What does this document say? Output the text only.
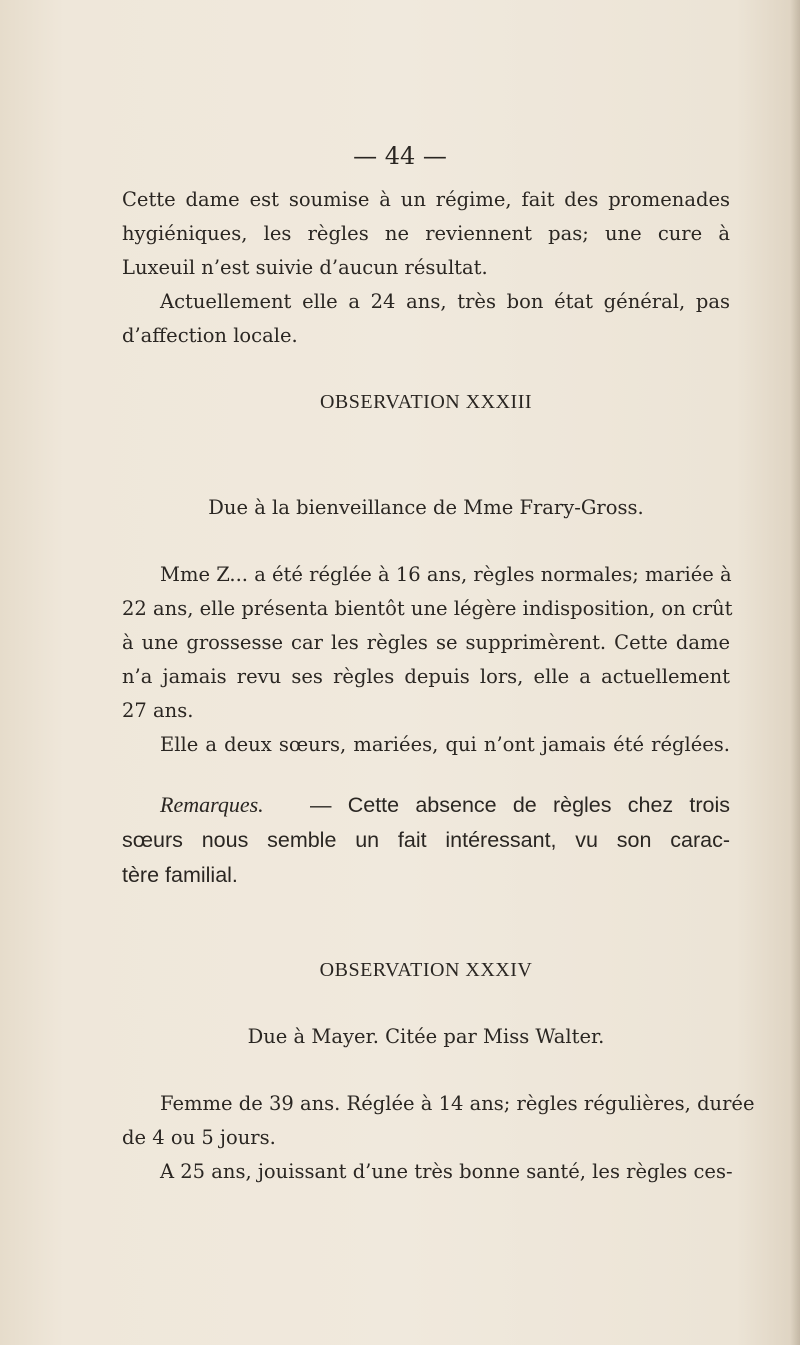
— 44 —
Cette dame est soumise à un régime, fait des promenades
hygiéniques, les règles ne reviennent pas; une cure à
Luxeuil n’est suivie d’aucun résultat.
Actuellement elle a 24 ans, très bon état général, pas
d’affection locale.
OBSERVATION XXXIII
Due à la bienveillance de Mme Frary-Gross.
Mme Z... a été réglée à 16 ans, règles normales; mariée à
22 ans, elle présenta bientôt une légère indisposition, on crût
à une grossesse car les règles se supprimèrent. Cette dame
n’a jamais revu ses règles depuis lors, elle a actuellement
27 ans.
Elle a deux sœurs, mariées, qui n’ont jamais été réglées.
Remarques.	— Cette absence de règles chez trois
sœurs nous semble un fait intéressant, vu son carac-
tère familial.
OBSERVATION XXXIV
Due à Mayer. Citée par Miss Walter.
Femme de 39 ans. Réglée à 14 ans; règles régulières, durée
de 4 ou 5 jours.
A 25 ans, jouissant d’une très bonne santé, les règles ces-
